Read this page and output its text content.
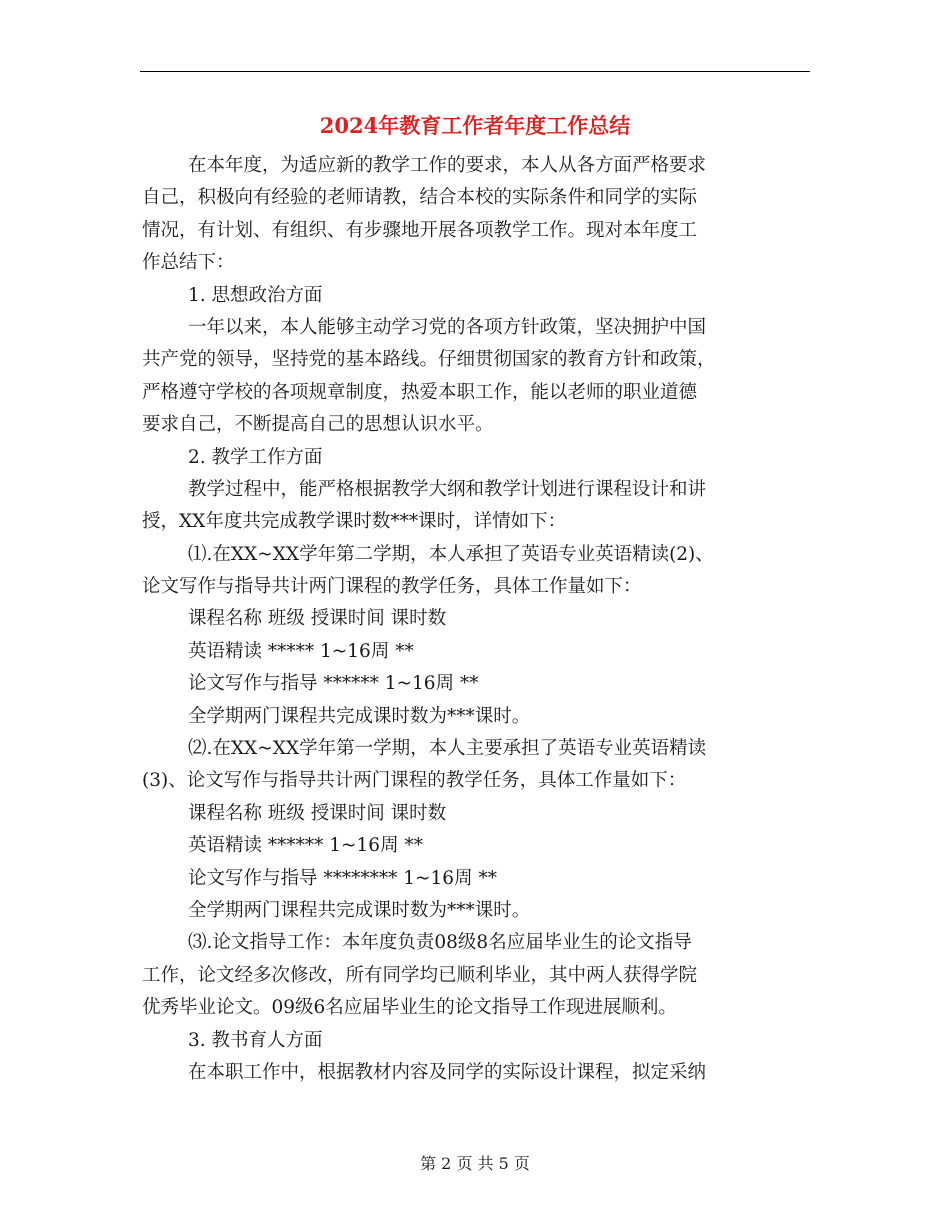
2024年教育工作者年度工作总结
在本年度，为适应新的教学工作的要求，本人从各方面严格要求
自己，积极向有经验的老师请教，结合本校的实际条件和同学的实际
情况，有计划、有组织、有步骤地开展各项教学工作。现对本年度工
作总结下：
1. 思想政治方面
一年以来，本人能够主动学习党的各项方针政策，坚决拥护中国
共产党的领导，坚持党的基本路线。仔细贯彻国家的教育方针和政策，
严格遵守学校的各项规章制度，热爱本职工作，能以老师的职业道德
要求自己，不断提高自己的思想认识水平。
2. 教学工作方面
教学过程中，能严格根据教学大纲和教学计划进行课程设计和讲
授，XX年度共完成教学课时数***课时，详情如下：
⑴.在XX~XX学年第二学期，本人承担了英语专业英语精读(2)、
论文写作与指导共计两门课程的教学任务，具体工作量如下：
课程名称 班级 授课时间 课时数
英语精读 ***** 1~16周 **
论文写作与指导 ****** 1~16周 **
全学期两门课程共完成课时数为***课时。
⑵.在XX~XX学年第一学期，本人主要承担了英语专业英语精读
(3)、论文写作与指导共计两门课程的教学任务，具体工作量如下：
课程名称 班级 授课时间 课时数
英语精读 ****** 1~16周 **
论文写作与指导 ******** 1~16周 **
全学期两门课程共完成课时数为***课时。
⑶.论文指导工作：本年度负责08级8名应届毕业生的论文指导
工作，论文经多次修改，所有同学均已顺利毕业，其中两人获得学院
优秀毕业论文。09级6名应届毕业生的论文指导工作现进展顺利。
3. 教书育人方面
在本职工作中，根据教材内容及同学的实际设计课程，拟定采纳
第 2 页 共 5 页
